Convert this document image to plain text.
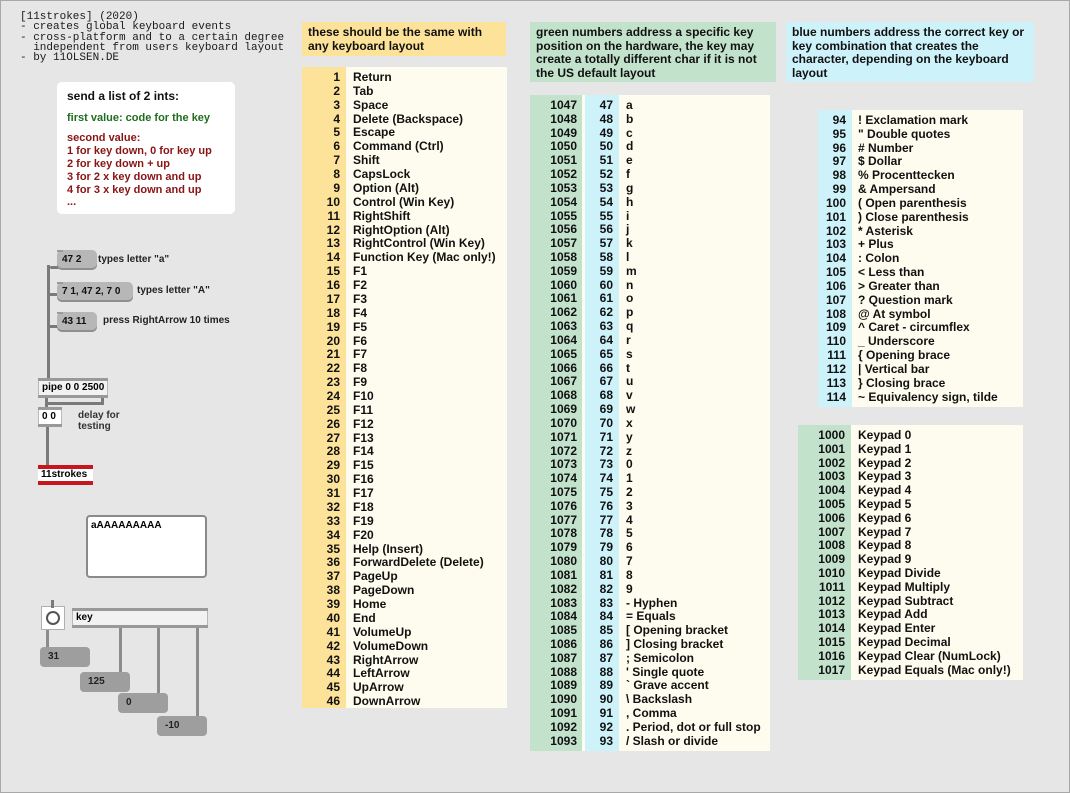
[11strokes] (2020)
- creates global keyboard events
- cross-platform and to a certain degree
independent from users keyboard layout
- by 11OLSEN.DE
send a list of 2 ints:
first value: code for the key
second value:
1 for key down, 0 for key up
2 for key down + up
3 for 2 x key down and up
4 for 3 x key down and up
...
47 2	types letter "a"
7 1, 47 2, 7 0	types letter "A"
43 11	press RightArrow 10 times
pipe 0 0 2500
0 0	delay for
testing
11strokes
aAAAAAAAAA
key
31
125
0
-10
these should be the same with any keyboard layout
1 Return
2 Tab
3 Space
4 Delete (Backspace)
5 Escape
6 Command (Ctrl)
7 Shift
8 CapsLock
9 Option (Alt)
10 Control (Win Key)
11 RightShift
12 RightOption (Alt)
13 RightControl (Win Key)
14 Function Key (Mac only!)
15 F1
16 F2
17 F3
18 F4
19 F5
20 F6
21 F7
22 F8
23 F9
24 F10
25 F11
26 F12
27 F13
28 F14
29 F15
30 F16
31 F17
32 F18
33 F19
34 F20
35 Help (Insert)
36 ForwardDelete (Delete)
37 PageUp
38 PageDown
39 Home
40 End
41 VolumeUp
42 VolumeDown
43 RightArrow
44 LeftArrow
45 UpArrow
46 DownArrow
green numbers address a specific key position on the hardware, the key may create a totally different char if it is not the US default layout
1047	47 a
1048	48 b
1049	49 c
1050	50 d
1051	51 e
1052	52 f
1053	53 g
1054	54 h
1055	55 i
1056	56 j
1057	57 k
1058	58 l
1059	59 m
1060	60 n
1061	61 o
1062	62 p
1063	63 q
1064	64 r
1065	65 s
1066	66 t
1067	67 u
1068	68 v
1069	69 w
1070	70 x
1071	71 y
1072	72 z
1073	73 0
1074	74 1
1075	75 2
1076	76 3
1077	77 4
1078	78 5
1079	79 6
1080	80 7
1081	81 8
1082	82 9
1083	83 - Hyphen
1084	84 = Equals
1085	85 [ Opening bracket
1086	86 ] Closing bracket
1087	87 ; Semicolon
1088	88 ' Single quote
1089	89 ` Grave accent
1090	90 \ Backslash
1091	91 , Comma
1092	92 . Period, dot or full stop
1093	93 / Slash or divide
blue numbers address the correct key or key combination that creates the character, depending on the keyboard layout
94 ! Exclamation mark
95 " Double quotes
96 # Number
97 $ Dollar
98 % Procenttecken
99 & Ampersand
100 ( Open parenthesis
101 ) Close parenthesis
102 * Asterisk
103 + Plus
104 : Colon
105 < Less than
106 > Greater than
107 ? Question mark
108 @ At symbol
109 ^ Caret - circumflex
110 _ Underscore
111 { Opening brace
112 | Vertical bar
113 } Closing brace
114 ~ Equivalency sign, tilde
1000 Keypad 0
1001 Keypad 1
1002 Keypad 2
1003 Keypad 3
1004 Keypad 4
1005 Keypad 5
1006 Keypad 6
1007 Keypad 7
1008 Keypad 8
1009 Keypad 9
1010 Keypad Divide
1011 Keypad Multiply
1012 Keypad Subtract
1013 Keypad Add
1014 Keypad Enter
1015 Keypad Decimal
1016 Keypad Clear (NumLock)
1017 Keypad Equals (Mac only!)
